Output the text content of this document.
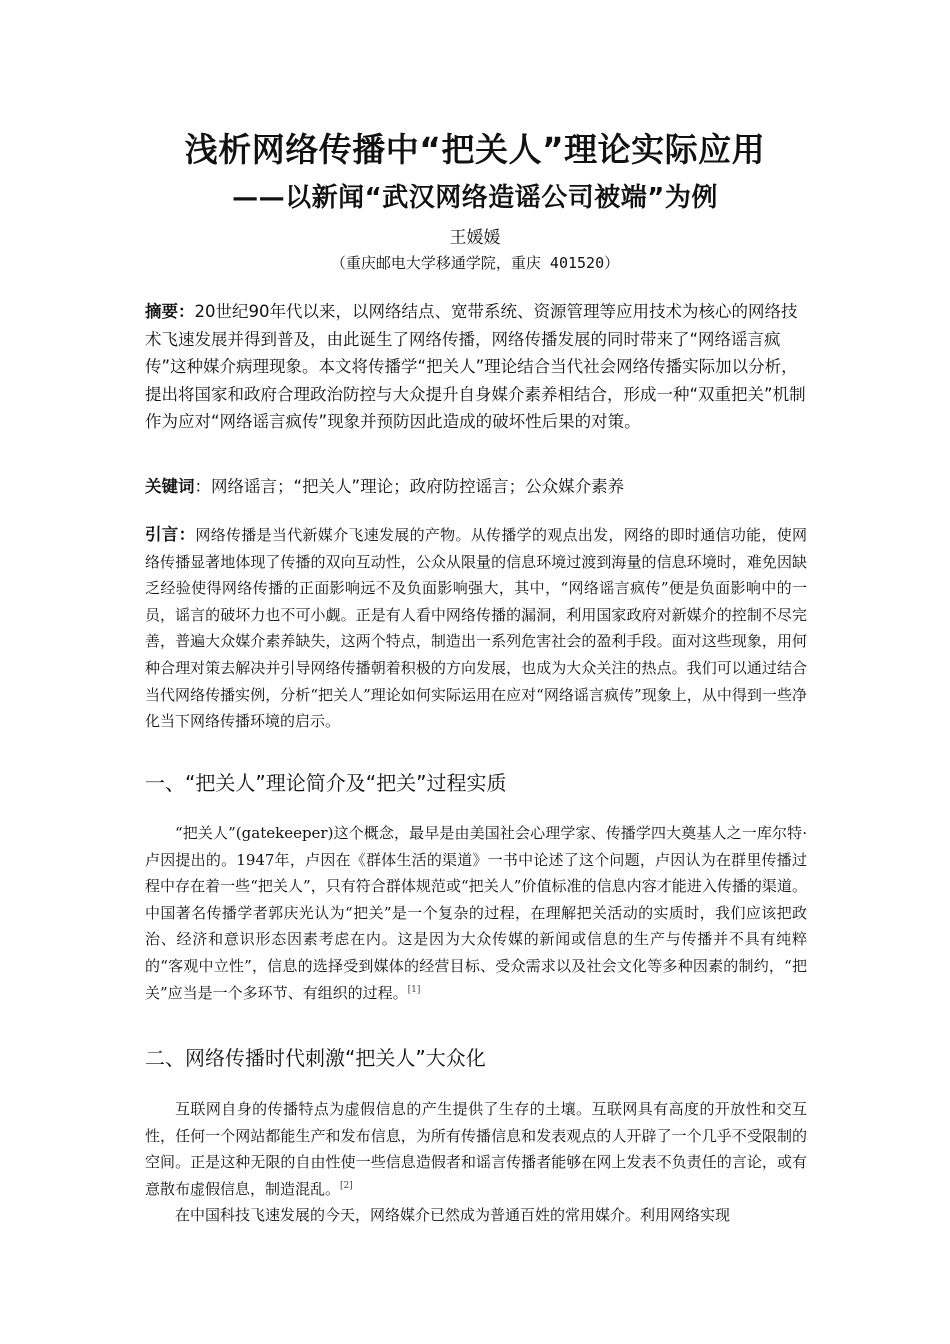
浅析网络传播中“把关人”理论实际应用
——以新闻“武汉网络造谣公司被端”为例
王媛媛
（重庆邮电大学移通学院，重庆 401520）
摘要：20世纪90年代以来，以网络结点、宽带系统、资源管理等应用技术为核心的网络技术飞速发展并得到普及，由此诞生了网络传播，网络传播发展的同时带来了“网络谣言疯传”这种媒介病理现象。本文将传播学“把关人”理论结合当代社会网络传播实际加以分析，提出将国家和政府合理政治防控与大众提升自身媒介素养相结合，形成一种“双重把关”机制作为应对“网络谣言疯传”现象并预防因此造成的破坏性后果的对策。
关键词：网络谣言；“把关人”理论；政府防控谣言；公众媒介素养
引言：网络传播是当代新媒介飞速发展的产物。从传播学的观点出发，网络的即时通信功能，使网络传播显著地体现了传播的双向互动性，公众从限量的信息环境过渡到海量的信息环境时，难免因缺乏经验使得网络传播的正面影响远不及负面影响强大，其中，“网络谣言疯传”便是负面影响中的一员，谣言的破坏力也不可小觑。正是有人看中网络传播的漏洞，利用国家政府对新媒介的控制不尽完善，普遍大众媒介素养缺失，这两个特点，制造出一系列危害社会的盈利手段。面对这些现象，用何种合理对策去解决并引导网络传播朝着积极的方向发展，也成为大众关注的热点。我们可以通过结合当代网络传播实例，分析“把关人”理论如何实际运用在应对“网络谣言疯传”现象上，从中得到一些净化当下网络传播环境的启示。
一、“把关人”理论简介及“把关”过程实质

“把关人”(gatekeeper)这个概念，最早是由美国社会心理学家、传播学四大奠基人之一库尔特·卢因提出的。1947年，卢因在《群体生活的渠道》一书中论述了这个问题，卢因认为在群里传播过程中存在着一些“把关人”，只有符合群体规范或“把关人”价值标准的信息内容才能进入传播的渠道。中国著名传播学者郭庆光认为“把关”是一个复杂的过程，在理解把关活动的实质时，我们应该把政治、经济和意识形态因素考虑在内。这是因为大众传媒的新闻或信息的生产与传播并不具有纯粹的“客观中立性”，信息的选择受到媒体的经营目标、受众需求以及社会文化等多种因素的制约，“把关”应当是一个多环节、有组织的过程。[1]

二、网络传播时代刺激“把关人”大众化

互联网自身的传播特点为虚假信息的产生提供了生存的土壤。互联网具有高度的开放性和交互性，任何一个网站都能生产和发布信息，为所有传播信息和发表观点的人开辟了一个几乎不受限制的空间。正是这种无限的自由性使一些信息造假者和谣言传播者能够在网上发表不负责任的言论，或有意散布虚假信息，制造混乱。[2]

在中国科技飞速发展的今天，网络媒介已然成为普通百姓的常用媒介。利用网络实现
